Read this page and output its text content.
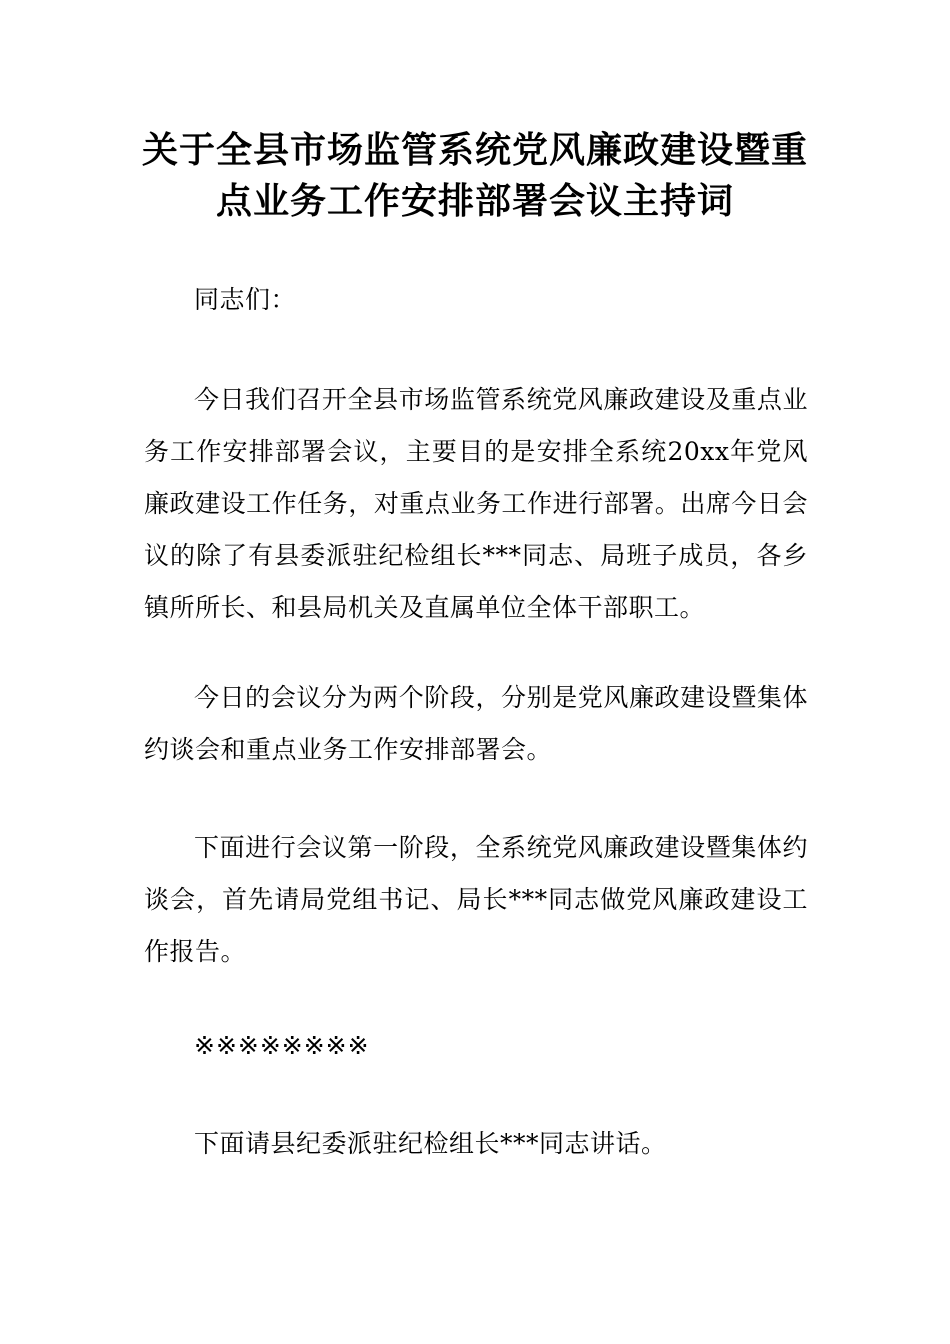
关于全县市场监管系统党风廉政建设暨重
点业务工作安排部署会议主持词

同志们：

今日我们召开全县市场监管系统党风廉政建设及重点业务工作安排部署会议，主要目的是安排全系统20xx年党风廉政建设工作任务，对重点业务工作进行部署。出席今日会议的除了有县委派驻纪检组长***同志、局班子成员，各乡镇所所长、和县局机关及直属单位全体干部职工。

今日的会议分为两个阶段，分别是党风廉政建设暨集体约谈会和重点业务工作安排部署会。

下面进行会议第一阶段，全系统党风廉政建设暨集体约谈会，首先请局党组书记、局长***同志做党风廉政建设工作报告。

※※※※※※※※

下面请县纪委派驻纪检组长***同志讲话。
